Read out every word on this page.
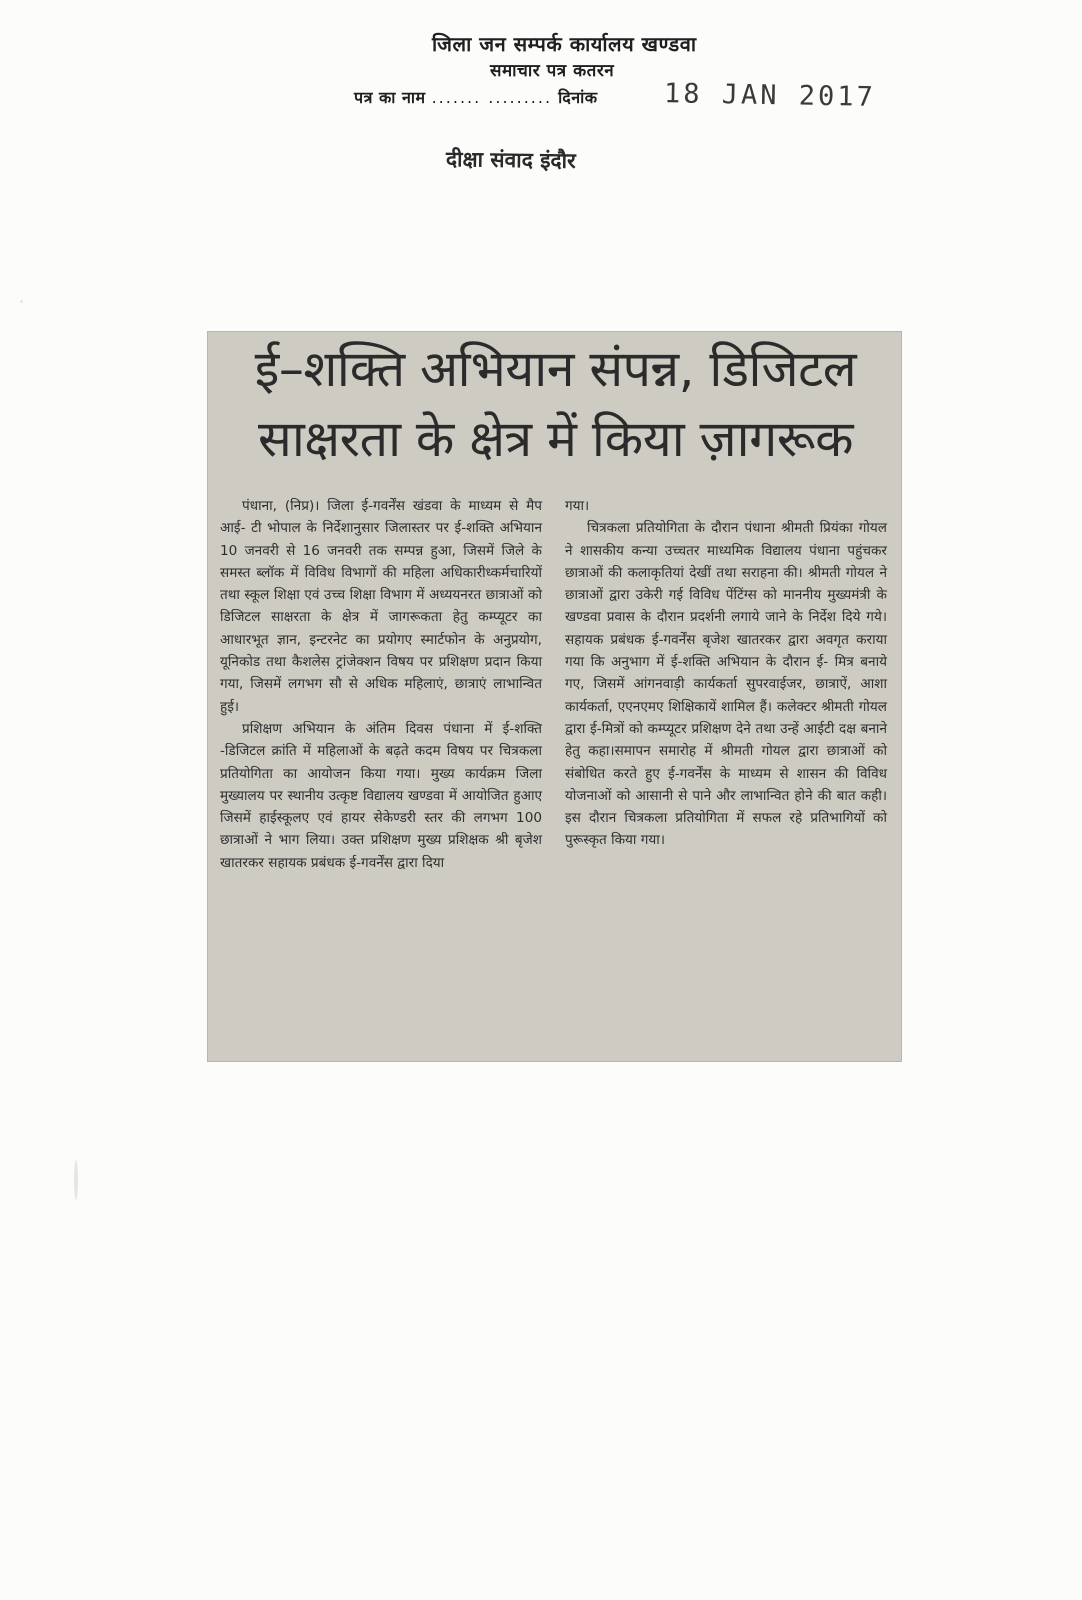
जिला जन सम्पर्क कार्यालय खण्डवा
समाचार पत्र कतरन
पत्र का नाम ....... ......... दिनांक 18 JAN 2017
दीक्षा संवाद इंदौर
ई–शक्ति अभियान संपन्न, डिजिटल
साक्षरता के क्षेत्र में किया ज़ागरूक

पंधाना, (निप्र)। जिला ई-गवर्नेंस खंडवा के माध्यम से मैप आई- टी भोपाल के निर्देशानुसार जिलास्तर पर ई-शक्ति अभियान 10 जनवरी से 16 जनवरी तक सम्पन्न हुआ, जिसमें जिले के समस्त ब्लॉक में विविध विभागों की महिला अधिकारीध्कर्मचारियों तथा स्कूल शिक्षा एवं उच्च शिक्षा विभाग में अध्ययनरत छात्राओं को डिजिटल साक्षरता के क्षेत्र में जागरूकता हेतु कम्प्यूटर का आधारभूत ज्ञान, इन्टरनेट का प्रयोगए स्मार्टफोन के अनुप्रयोग, यूनिकोड तथा कैशलेस ट्रांजेक्शन विषय पर प्रशिक्षण प्रदान किया गया, जिसमें लगभग सौ से अधिक महिलाएं, छात्राएं लाभान्वित हुई।

प्रशिक्षण अभियान के अंतिम दिवस पंधाना में ई-शक्ति -डिजिटल क्रांति में महिलाओं के बढ़ते कदम विषय पर चित्रकला प्रतियोगिता का आयोजन किया गया। मुख्य कार्यक्रम जिला मुख्यालय पर स्थानीय उत्कृष्ट विद्यालय खण्डवा में आयोजित हुआए जिसमें हाईस्कूलए एवं हायर सेकेण्डरी स्तर की लगभग 100 छात्राओं ने भाग लिया। उक्त प्रशिक्षण मुख्य प्रशिक्षक श्री बृजेश खातरकर सहायक प्रबंधक ई-गवर्नेंस द्वारा दिया

गया।

चित्रकला प्रतियोगिता के दौरान पंधाना श्रीमती प्रियंका गोयल ने शासकीय कन्या उच्चतर माध्यमिक विद्यालय पंधाना पहुंचकर छात्राओं की कलाकृतियां देखीं तथा सराहना की। श्रीमती गोयल ने छात्राओं द्वारा उकेरी गई विविध पेंटिंग्स को माननीय मुख्यमंत्री के खण्डवा प्रवास के दौरान प्रदर्शनी लगाये जाने के निर्देश दिये गये। सहायक प्रबंधक ई-गवर्नेंस बृजेश खातरकर द्वारा अवगृत कराया गया कि अनुभाग में ई-शक्ति अभियान के दौरान ई- मित्र बनाये गए, जिसमें आंगनवाड़ी कार्यकर्ता सुपरवाईजर, छात्राऐं, आशा कार्यकर्ता, एएनएमए शिक्षिकायें शामिल हैं। कलेक्टर श्रीमती गोयल द्वारा ई-मित्रों को कम्प्यूटर प्रशिक्षण देने तथा उन्हें आईटी दक्ष बनाने हेतु कहा।समापन समारोह में श्रीमती गोयल द्वारा छात्राओं को संबोधित करते हुए ई-गवर्नेंस के माध्यम से शासन की विविध योजनाओं को आसानी से पाने और लाभान्वित होने की बात कही। इस दौरान चित्रकला प्रतियोगिता में सफल रहे प्रतिभागियों को पुरूस्कृत किया गया।
